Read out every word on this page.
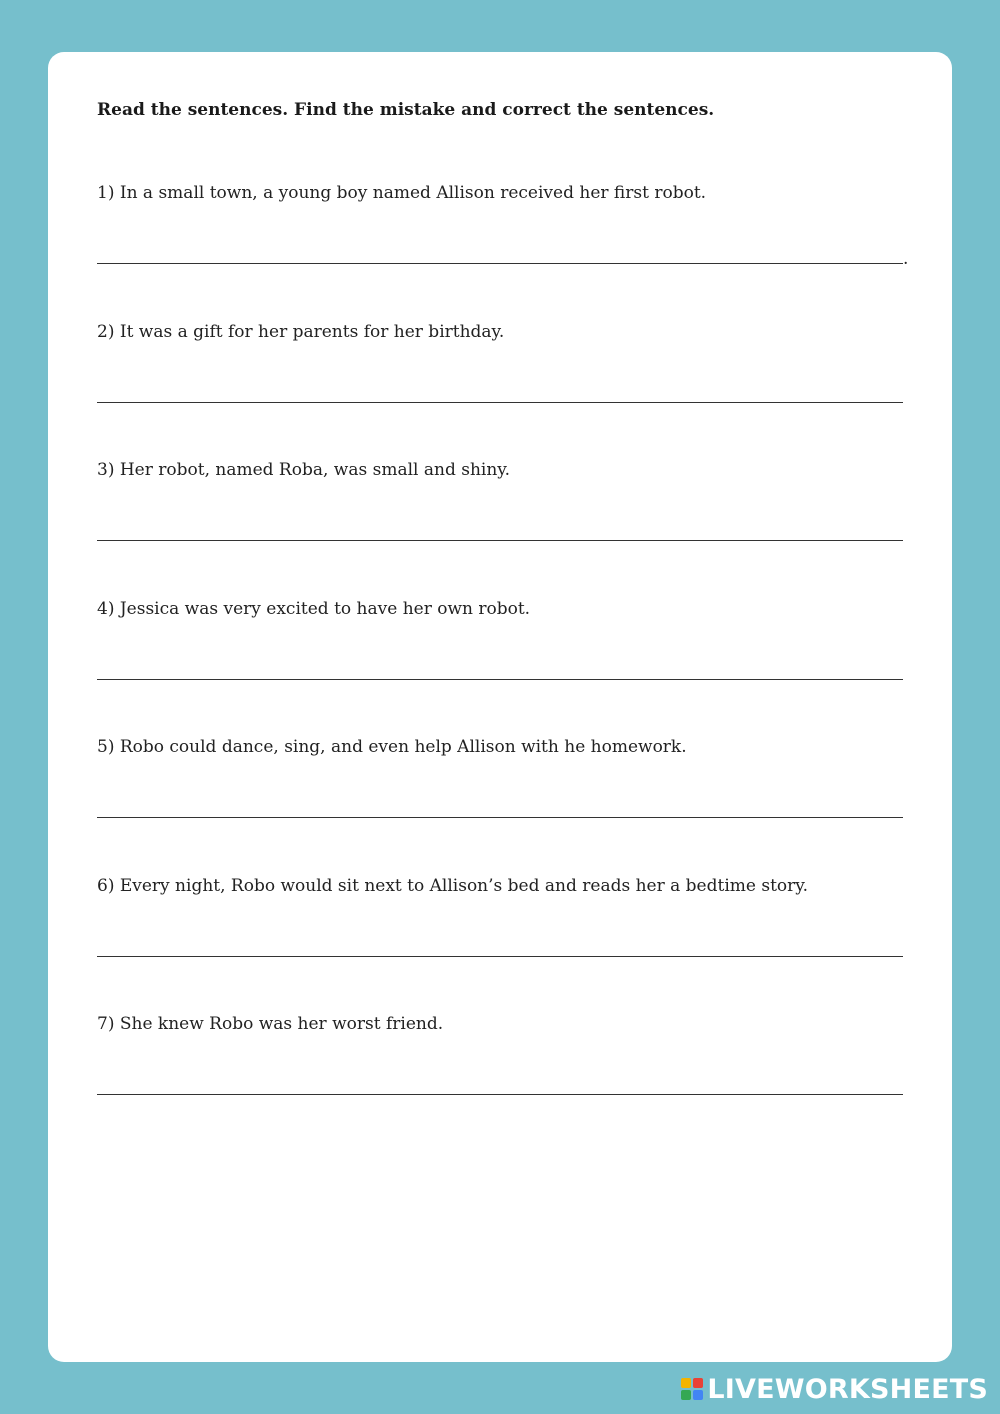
Read the sentences. Find the mistake and correct the sentences.
1) In a small town, a young boy named Allison received her first robot.
.
2) It was a gift for her parents for her birthday.
3) Her robot, named Roba, was small and shiny.
4) Jessica was very excited to have her own robot.
5) Robo could dance, sing, and even help Allison with he homework.
6) Every night, Robo would sit next to Allison’s bed and reads her a bedtime story.
7) She knew Robo was her worst friend.
LIVEWORKSHEETS
